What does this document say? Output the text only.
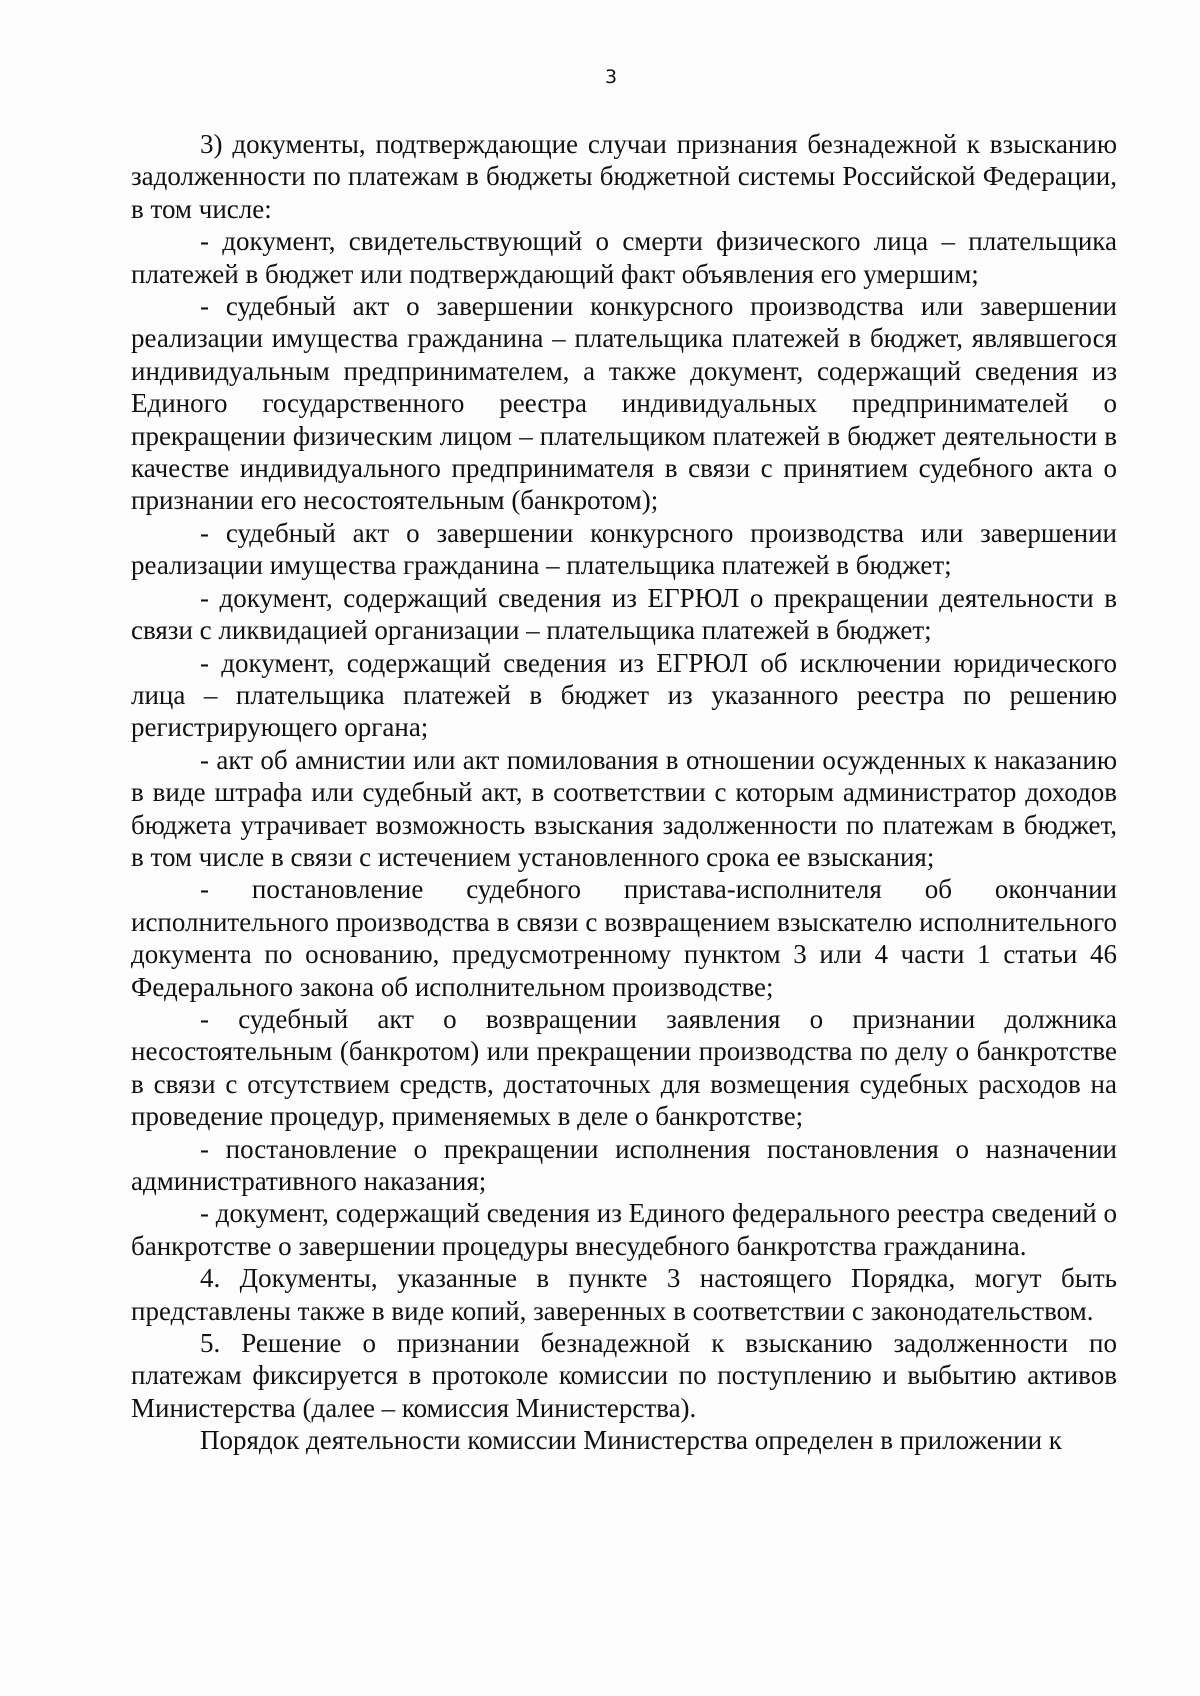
3

3) документы, подтверждающие случаи признания безнадежной к взысканию задолженности по платежам в бюджеты бюджетной системы Российской Федерации, в том числе:

- документ, свидетельствующий о смерти физического лица – плательщика платежей в бюджет или подтверждающий факт объявления его умершим;

- судебный акт о завершении конкурсного производства или завершении реализации имущества гражданина – плательщика платежей в бюджет, являвшегося индивидуальным предпринимателем, а также документ, содержащий сведения из Единого государственного реестра индивидуальных предпринимателей о прекращении физическим лицом – плательщиком платежей в бюджет деятельности в качестве индивидуального предпринимателя в связи с принятием судебного акта о признании его несостоятельным (банкротом);

- судебный акт о завершении конкурсного производства или завершении реализации имущества гражданина – плательщика платежей в бюджет;

- документ, содержащий сведения из ЕГРЮЛ о прекращении деятельности в связи с ликвидацией организации – плательщика платежей в бюджет;

- документ, содержащий сведения из ЕГРЮЛ об исключении юридического лица – плательщика платежей в бюджет из указанного реестра по решению регистрирующего органа;

- акт об амнистии или акт помилования в отношении осужденных к наказанию в виде штрафа или судебный акт, в соответствии с которым администратор доходов бюджета утрачивает возможность взыскания задолженности по платежам в бюджет, в том числе в связи с истечением установленного срока ее взыскания;

- постановление судебного пристава-исполнителя об окончании исполнительного производства в связи с возвращением взыскателю исполнительного документа по основанию, предусмотренному пунктом 3 или 4 части 1 статьи 46 Федерального закона об исполнительном производстве;

- судебный акт о возвращении заявления о признании должника несостоятельным (банкротом) или прекращении производства по делу о банкротстве в связи с отсутствием средств, достаточных для возмещения судебных расходов на проведение процедур, применяемых в деле о банкротстве;

- постановление о прекращении исполнения постановления о назначении административного наказания;

- документ, содержащий сведения из Единого федерального реестра сведений о банкротстве о завершении процедуры внесудебного банкротства гражданина.

4. Документы, указанные в пункте 3 настоящего Порядка, могут быть представлены также в виде копий, заверенных в соответствии с законодательством.

5. Решение о признании безнадежной к взысканию задолженности по платежам фиксируется в протоколе комиссии по поступлению и выбытию активов Министерства (далее – комиссия Министерства).

Порядок деятельности комиссии Министерства определен в приложении к
